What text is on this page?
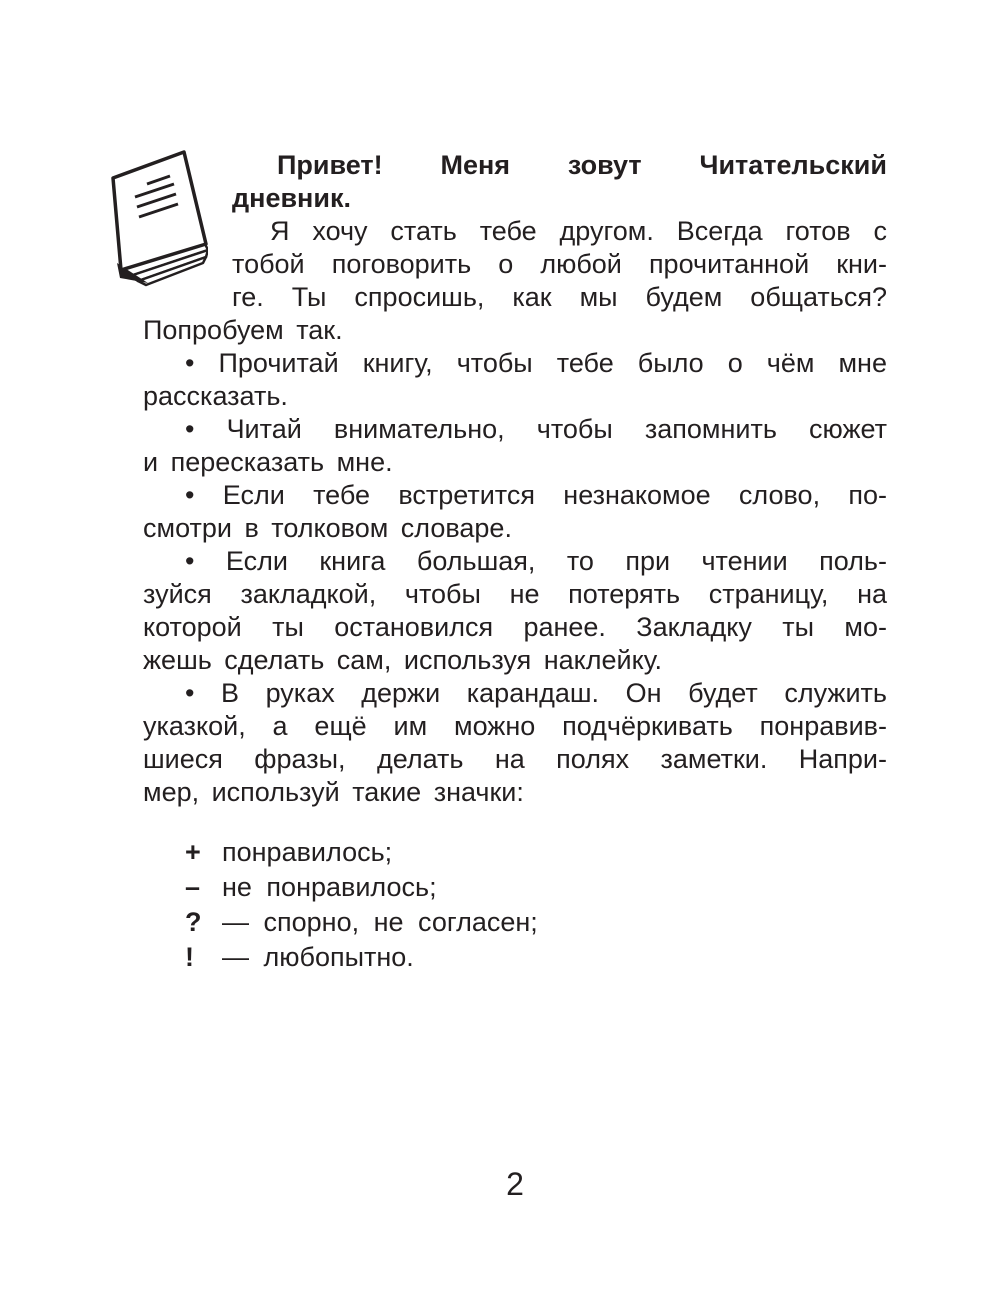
Привет! Меня зовут Читательский
дневник.
Я хочу стать тебе другом. Всегда готов с
тобой поговорить о любой прочитанной кни-
ге. Ты спросишь, как мы будем общаться?
Попробуем так.
• Прочитай книгу, чтобы тебе было о чём мне
рассказать.
• Читай внимательно, чтобы запомнить сюжет
и пересказать мне.
• Если тебе встретится незнакомое слово, по-
смотри в толковом словаре.
• Если книга большая, то при чтении поль-
зуйся закладкой, чтобы не потерять страницу, на
которой ты остановился ранее. Закладку ты мо-
жешь сделать сам, используя наклейку.
• В руках держи карандаш. Он будет служить
указкой, а ещё им можно подчёркивать понравив-
шиеся фразы, делать на полях заметки. Напри-
мер, используй такие значки:
+ понравилось;
– не понравилось;
? — спорно, не согласен;
! — любопытно.
2
